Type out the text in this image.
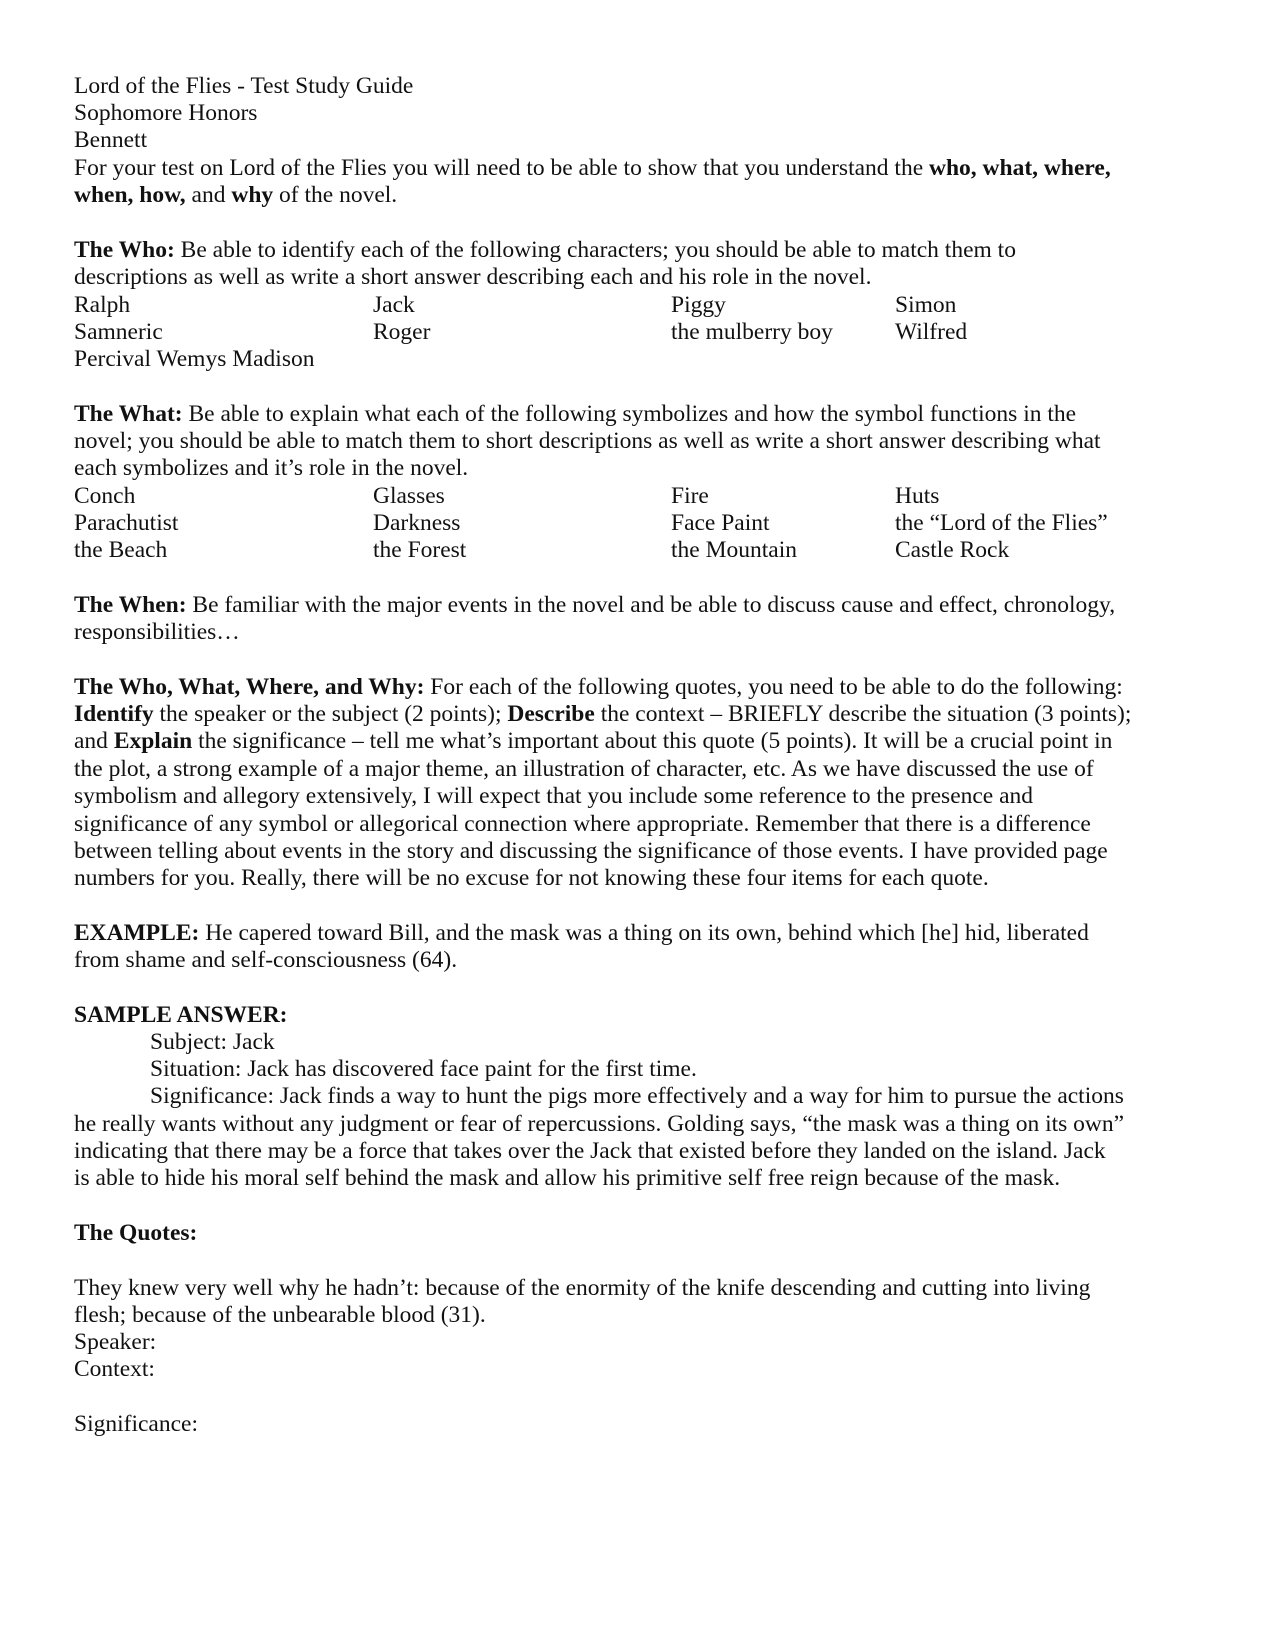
Lord of the Flies - Test Study Guide
Sophomore Honors
Bennett
For your test on Lord of the Flies you will need to be able to show that you understand the who, what, where,
when, how, and why of the novel.
The Who: Be able to identify each of the following characters; you should be able to match them to
descriptions as well as write a short answer describing each and his role in the novel.
Ralph	Jack	Piggy	Simon
Samneric	Roger	the mulberry boy	Wilfred
Percival Wemys Madison
The What: Be able to explain what each of the following symbolizes and how the symbol functions in the
novel; you should be able to match them to short descriptions as well as write a short answer describing what
each symbolizes and it’s role in the novel.
Conch	Glasses	Fire	Huts
Parachutist	Darkness	Face Paint	the “Lord of the Flies”
the Beach	the Forest	the Mountain	Castle Rock
The When: Be familiar with the major events in the novel and be able to discuss cause and effect, chronology,
responsibilities…
The Who, What, Where, and Why: For each of the following quotes, you need to be able to do the following:
Identify the speaker or the subject (2 points); Describe the context – BRIEFLY describe the situation (3 points);
and Explain the significance – tell me what’s important about this quote (5 points). It will be a crucial point in
the plot, a strong example of a major theme, an illustration of character, etc. As we have discussed the use of
symbolism and allegory extensively, I will expect that you include some reference to the presence and
significance of any symbol or allegorical connection where appropriate. Remember that there is a difference
between telling about events in the story and discussing the significance of those events. I have provided page
numbers for you. Really, there will be no excuse for not knowing these four items for each quote.
EXAMPLE: He capered toward Bill, and the mask was a thing on its own, behind which [he] hid, liberated
from shame and self-consciousness (64).
SAMPLE ANSWER:
Subject: Jack
Situation: Jack has discovered face paint for the first time.
Significance: Jack finds a way to hunt the pigs more effectively and a way for him to pursue the actions
he really wants without any judgment or fear of repercussions. Golding says, “the mask was a thing on its own”
indicating that there may be a force that takes over the Jack that existed before they landed on the island. Jack
is able to hide his moral self behind the mask and allow his primitive self free reign because of the mask.
The Quotes:
They knew very well why he hadn’t: because of the enormity of the knife descending and cutting into living
flesh; because of the unbearable blood (31).
Speaker:
Context:
Significance:
